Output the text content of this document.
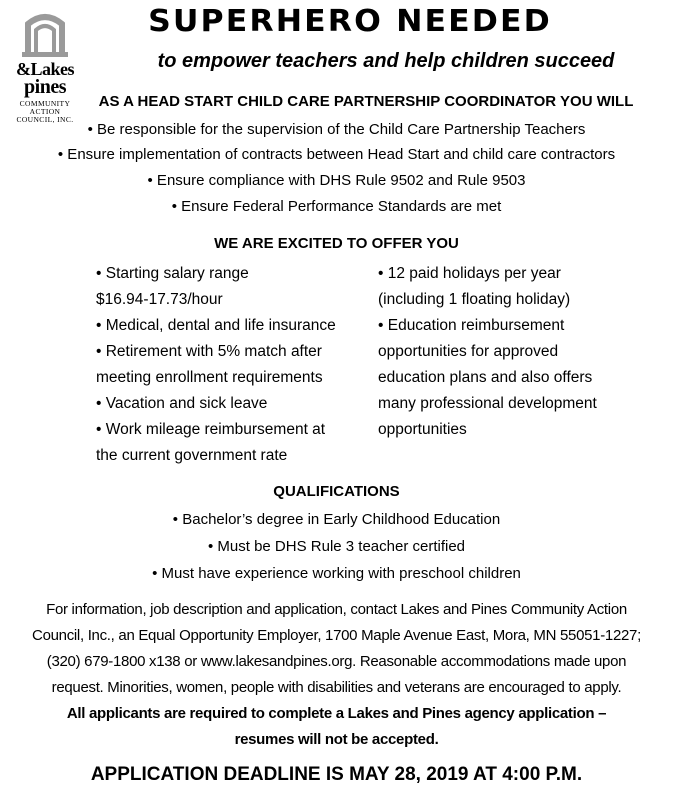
&Lakes
pines
COMMUNITY
ACTION
COUNCIL, INC.
SUPERHERO NEEDED
to empower teachers and help children succeed
AS A HEAD START CHILD CARE PARTNERSHIP COORDINATOR YOU WILL
• Be responsible for the supervision of the Child Care Partnership Teachers
• Ensure implementation of contracts between Head Start and child care contractors
• Ensure compliance with DHS Rule 9502 and Rule 9503
• Ensure Federal Performance Standards are met
WE ARE EXCITED TO OFFER YOU
• Starting salary range
$16.94-17.73/hour
• Medical, dental and life insurance
• Retirement with 5% match after
meeting enrollment requirements
• Vacation and sick leave
• Work mileage reimbursement at
the current government rate
• 12 paid holidays per year
(including 1 floating holiday)
• Education reimbursement
opportunities for approved
education plans and also offers
many professional development
opportunities
QUALIFICATIONS
• Bachelor’s degree in Early Childhood Education
• Must be DHS Rule 3 teacher certified
• Must have experience working with preschool children
For information, job description and application, contact Lakes and Pines Community Action
Council, Inc., an Equal Opportunity Employer, 1700 Maple Avenue East, Mora, MN 55051-1227;
(320) 679-1800 x138 or www.lakesandpines.org. Reasonable accommodations made upon
request. Minorities, women, people with disabilities and veterans are encouraged to apply.
All applicants are required to complete a Lakes and Pines agency application –
resumes will not be accepted.
APPLICATION DEADLINE IS MAY 28, 2019 AT 4:00 P.M.
